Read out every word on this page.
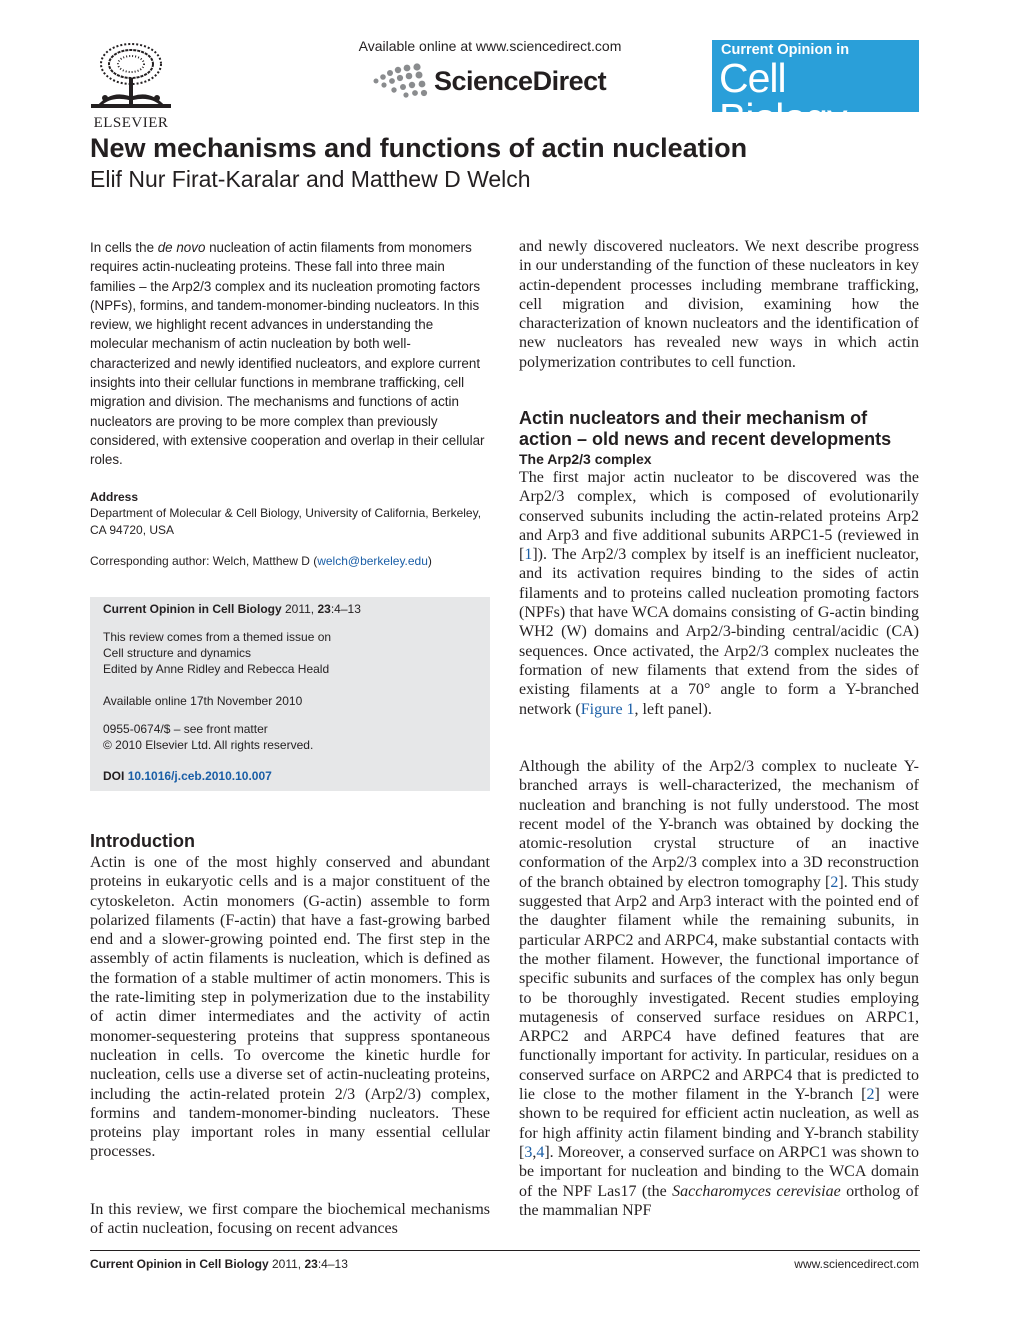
ELSEVIER
Available online at www.sciencedirect.com
ScienceDirect
Current Opinion in
Cell Biology
New mechanisms and functions of actin nucleation
Elif Nur Firat-Karalar and Matthew D Welch
In cells the de novo nucleation of actin filaments from monomers requires actin-nucleating proteins. These fall into three main families – the Arp2/3 complex and its nucleation promoting factors (NPFs), formins, and tandem-monomer-binding nucleators. In this review, we highlight recent advances in understanding the molecular mechanism of actin nucleation by both well-characterized and newly identified nucleators, and explore current insights into their cellular functions in membrane trafficking, cell migration and division. The mechanisms and functions of actin nucleators are proving to be more complex than previously considered, with extensive cooperation and overlap in their cellular roles.
Address
Department of Molecular & Cell Biology, University of California, Berkeley, CA 94720, USA
Corresponding author: Welch, Matthew D (welch@berkeley.edu)
Current Opinion in Cell Biology 2011, 23:4–13
This review comes from a themed issue on
Cell structure and dynamics
Edited by Anne Ridley and Rebecca Heald
Available online 17th November 2010
0955-0674/$ – see front matter
© 2010 Elsevier Ltd. All rights reserved.
DOI 10.1016/j.ceb.2010.10.007
Introduction
Actin is one of the most highly conserved and abundant proteins in eukaryotic cells and is a major constituent of the cytoskeleton. Actin monomers (G-actin) assemble to form polarized filaments (F-actin) that have a fast-growing barbed end and a slower-growing pointed end. The first step in the assembly of actin filaments is nucleation, which is defined as the formation of a stable multimer of actin monomers. This is the rate-limiting step in polymerization due to the instability of actin dimer intermediates and the activity of actin monomer-sequestering proteins that suppress spontaneous nucleation in cells. To overcome the kinetic hurdle for nucleation, cells use a diverse set of actin-nucleating proteins, including the actin-related protein 2/3 (Arp2/3) complex, formins and tandem-monomer-binding nucleators. These proteins play important roles in many essential cellular processes.
In this review, we first compare the biochemical mechanisms of actin nucleation, focusing on recent advances
and newly discovered nucleators. We next describe progress in our understanding of the function of these nucleators in key actin-dependent processes including membrane trafficking, cell migration and division, examining how the characterization of known nucleators and the identification of new nucleators has revealed new ways in which actin polymerization contributes to cell function.
Actin nucleators and their mechanism of action – old news and recent developments
The Arp2/3 complex
The first major actin nucleator to be discovered was the Arp2/3 complex, which is composed of evolutionarily conserved subunits including the actin-related proteins Arp2 and Arp3 and five additional subunits ARPC1-5 (reviewed in [1]). The Arp2/3 complex by itself is an inefficient nucleator, and its activation requires binding to the sides of actin filaments and to proteins called nucleation promoting factors (NPFs) that have WCA domains consisting of G-actin binding WH2 (W) domains and Arp2/3-binding central/acidic (CA) sequences. Once activated, the Arp2/3 complex nucleates the formation of new filaments that extend from the sides of existing filaments at a 70° angle to form a Y-branched network (Figure 1, left panel).
Although the ability of the Arp2/3 complex to nucleate Y-branched arrays is well-characterized, the mechanism of nucleation and branching is not fully understood. The most recent model of the Y-branch was obtained by docking the atomic-resolution crystal structure of an inactive conformation of the Arp2/3 complex into a 3D reconstruction of the branch obtained by electron tomography [2]. This study suggested that Arp2 and Arp3 interact with the pointed end of the daughter filament while the remaining subunits, in particular ARPC2 and ARPC4, make substantial contacts with the mother filament. However, the functional importance of specific subunits and surfaces of the complex has only begun to be thoroughly investigated. Recent studies employing mutagenesis of conserved surface residues on ARPC1, ARPC2 and ARPC4 have defined features that are functionally important for activity. In particular, residues on a conserved surface on ARPC2 and ARPC4 that is predicted to lie close to the mother filament in the Y-branch [2] were shown to be required for efficient actin nucleation, as well as for high affinity actin filament binding and Y-branch stability [3,4]. Moreover, a conserved surface on ARPC1 was shown to be important for nucleation and binding to the WCA domain of the NPF Las17 (the Saccharomyces cerevisiae ortholog of the mammalian NPF
Current Opinion in Cell Biology 2011, 23:4–13	www.sciencedirect.com
